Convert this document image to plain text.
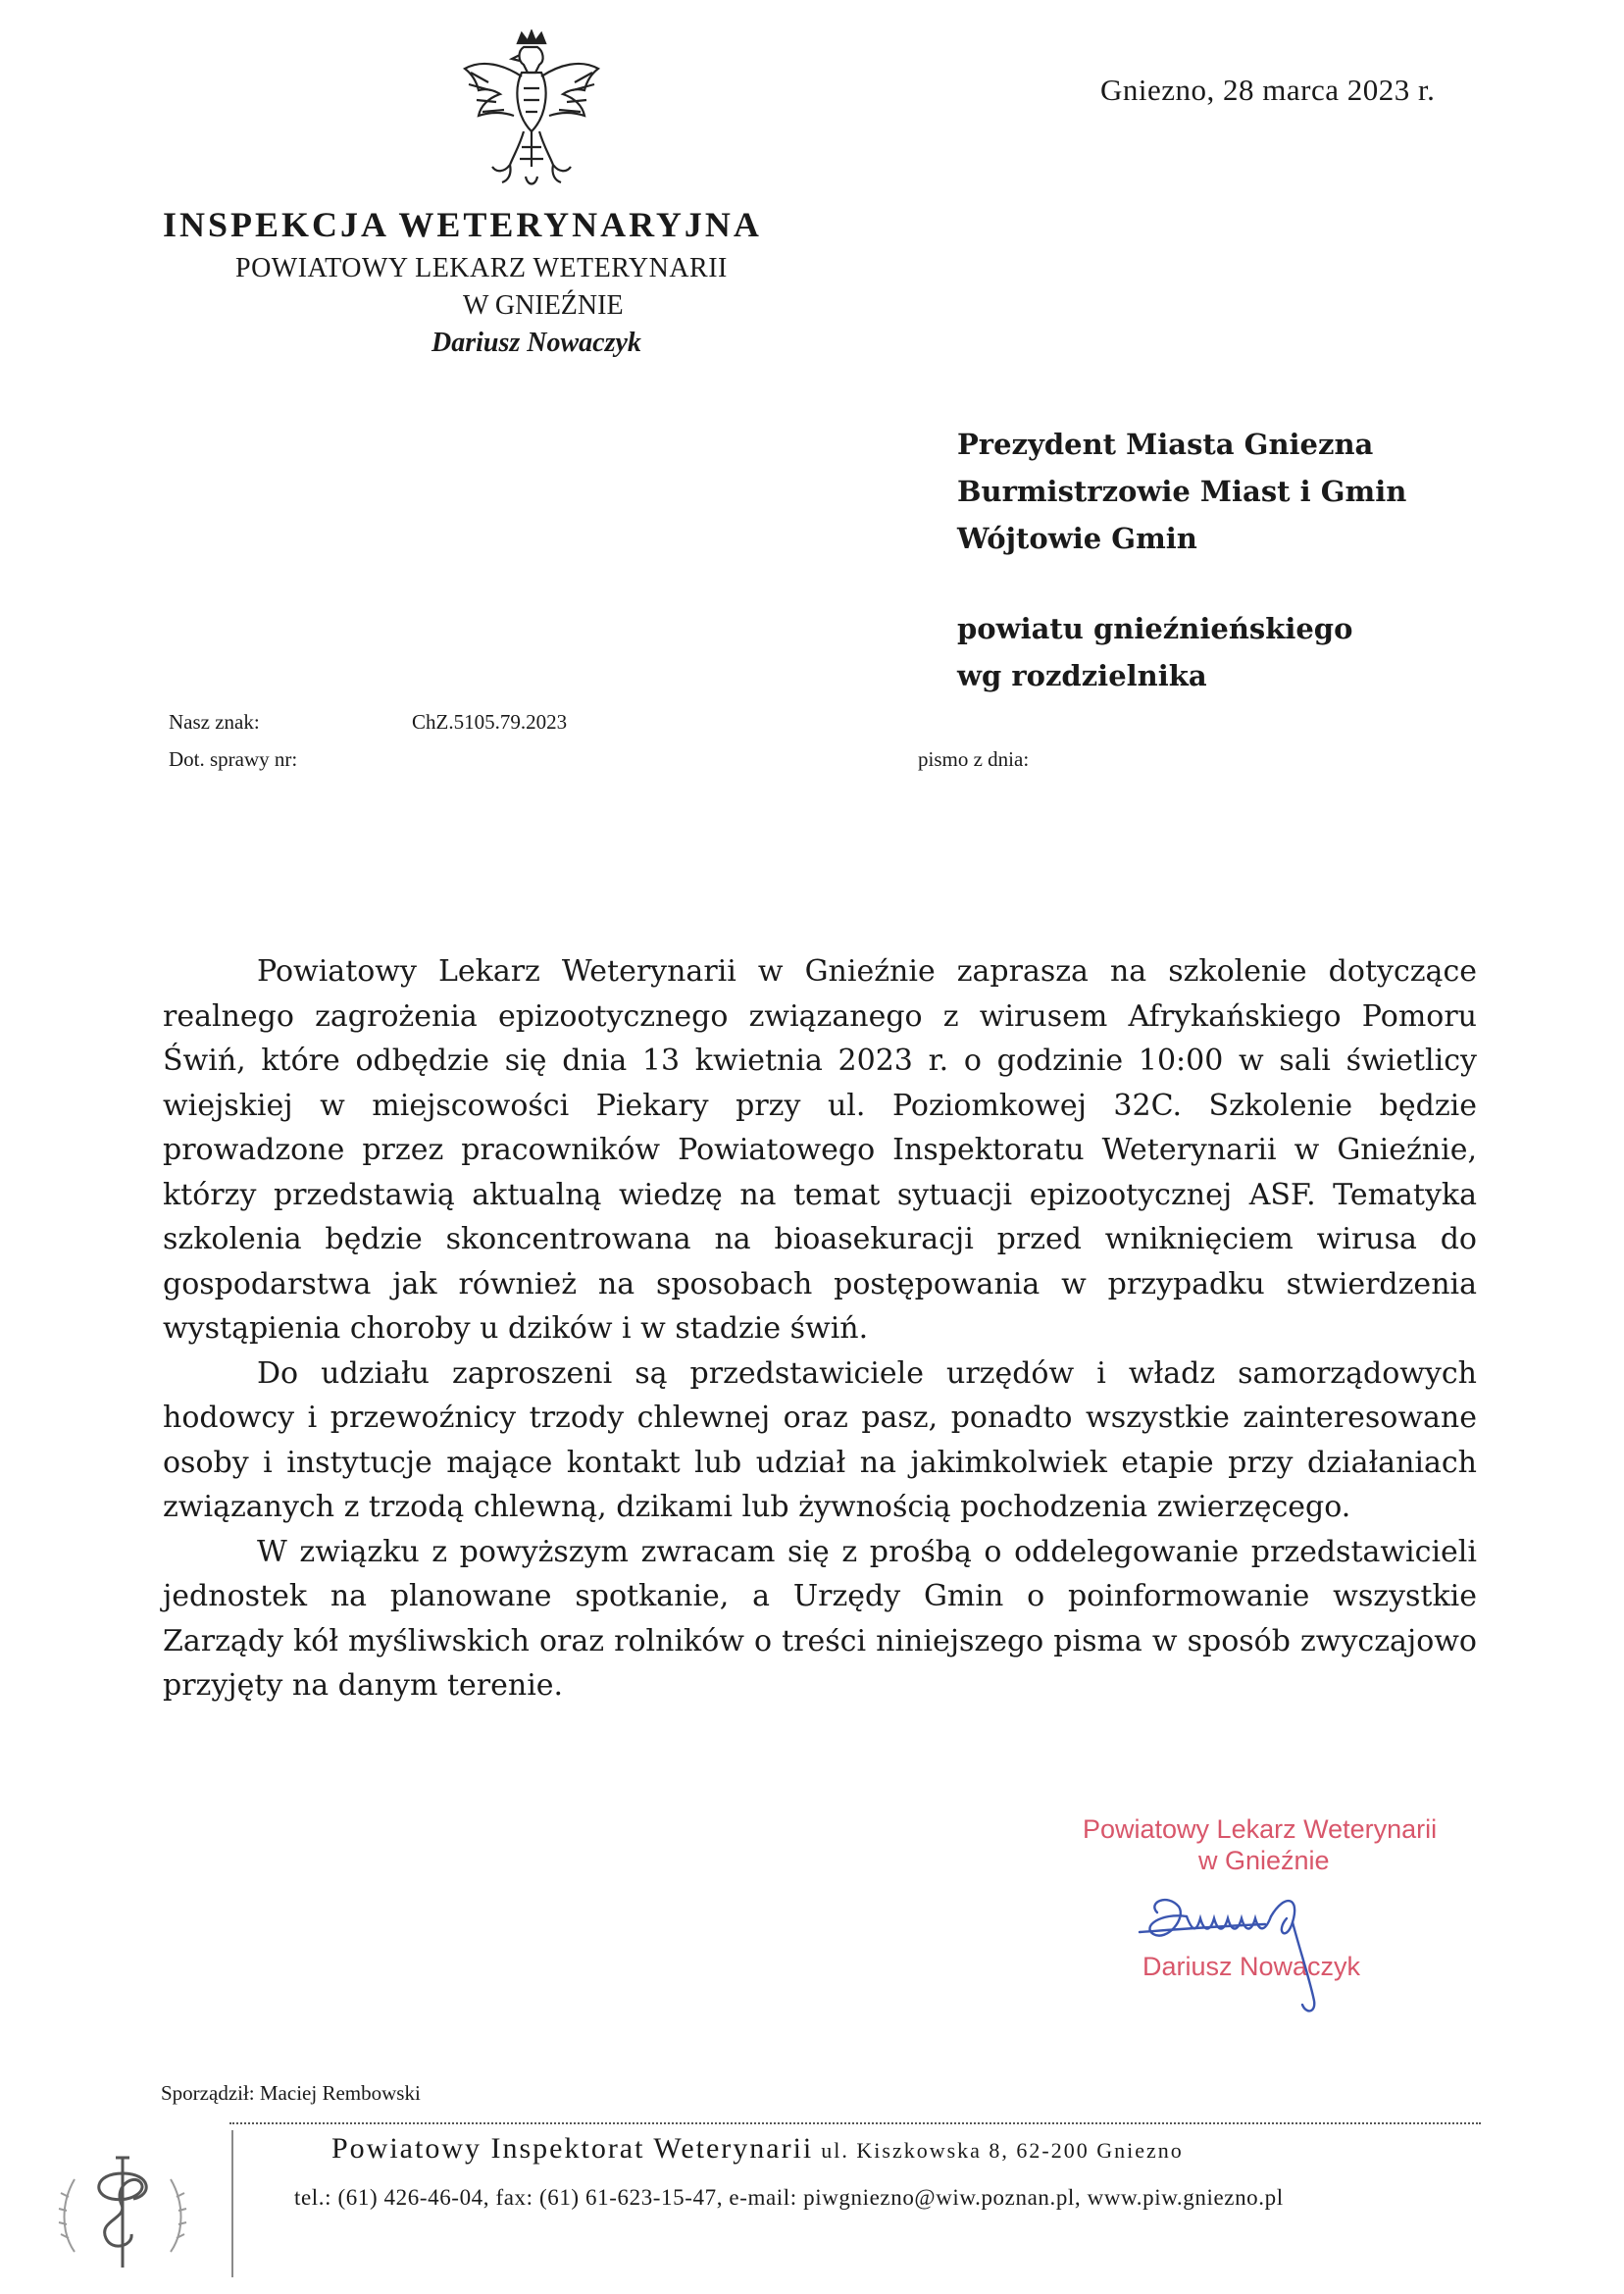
Gniezno, 28 marca 2023 r.
INSPEKCJA WETERYNARYJNA
POWIATOWY LEKARZ WETERYNARII
W GNIEŹNIE
Dariusz Nowaczyk
Prezydent Miasta Gniezna
Burmistrzowie Miast i Gmin
Wójtowie Gmin
powiatu gnieźnieńskiego
wg rozdzielnika
Nasz znak:	ChZ.5105.79.2023
Dot. sprawy nr:	pismo z dnia:

Powiatowy Lekarz Weterynarii w Gnieźnie zaprasza na szkolenie dotyczące realnego zagrożenia epizootycznego związanego z wirusem Afrykańskiego Pomoru Świń, które odbędzie się dnia 13 kwietnia 2023 r. o godzinie 10:00 w sali świetlicy wiejskiej w miejscowości Piekary przy ul. Poziomkowej 32C. Szkolenie będzie prowadzone przez pracowników Powiatowego Inspektoratu Weterynarii w Gnieźnie, którzy przedstawią aktualną wiedzę na temat sytuacji epizootycznej ASF. Tematyka szkolenia będzie skoncentrowana na bioasekuracji przed wniknięciem wirusa do gospodarstwa jak również na sposobach postępowania w przypadku stwierdzenia wystąpienia choroby u dzików i w stadzie świń.

Do udziału zaproszeni są przedstawiciele urzędów i władz samorządowych hodowcy i przewoźnicy trzody chlewnej oraz pasz, ponadto wszystkie zainteresowane osoby i instytucje mające kontakt lub udział na jakimkolwiek etapie przy działaniach związanych z trzodą chlewną, dzikami lub żywnością pochodzenia zwierzęcego.

W związku z powyższym zwracam się z prośbą o oddelegowanie przedstawicieli jednostek na planowane spotkanie, a Urzędy Gmin o poinformowanie wszystkie Zarządy kół myśliwskich oraz rolników o treści niniejszego pisma w sposób zwyczajowo przyjęty na danym terenie.

Powiatowy Lekarz Weterynarii
w Gnieźnie
Dariusz Nowaczyk
Sporządził: Maciej Rembowski
Powiatowy Inspektorat Weterynarii ul. Kiszkowska 8, 62-200 Gniezno
tel.: (61) 426-46-04, fax: (61) 61-623-15-47, e-mail: piwgniezno@wiw.poznan.pl, www.piw.gniezno.pl
